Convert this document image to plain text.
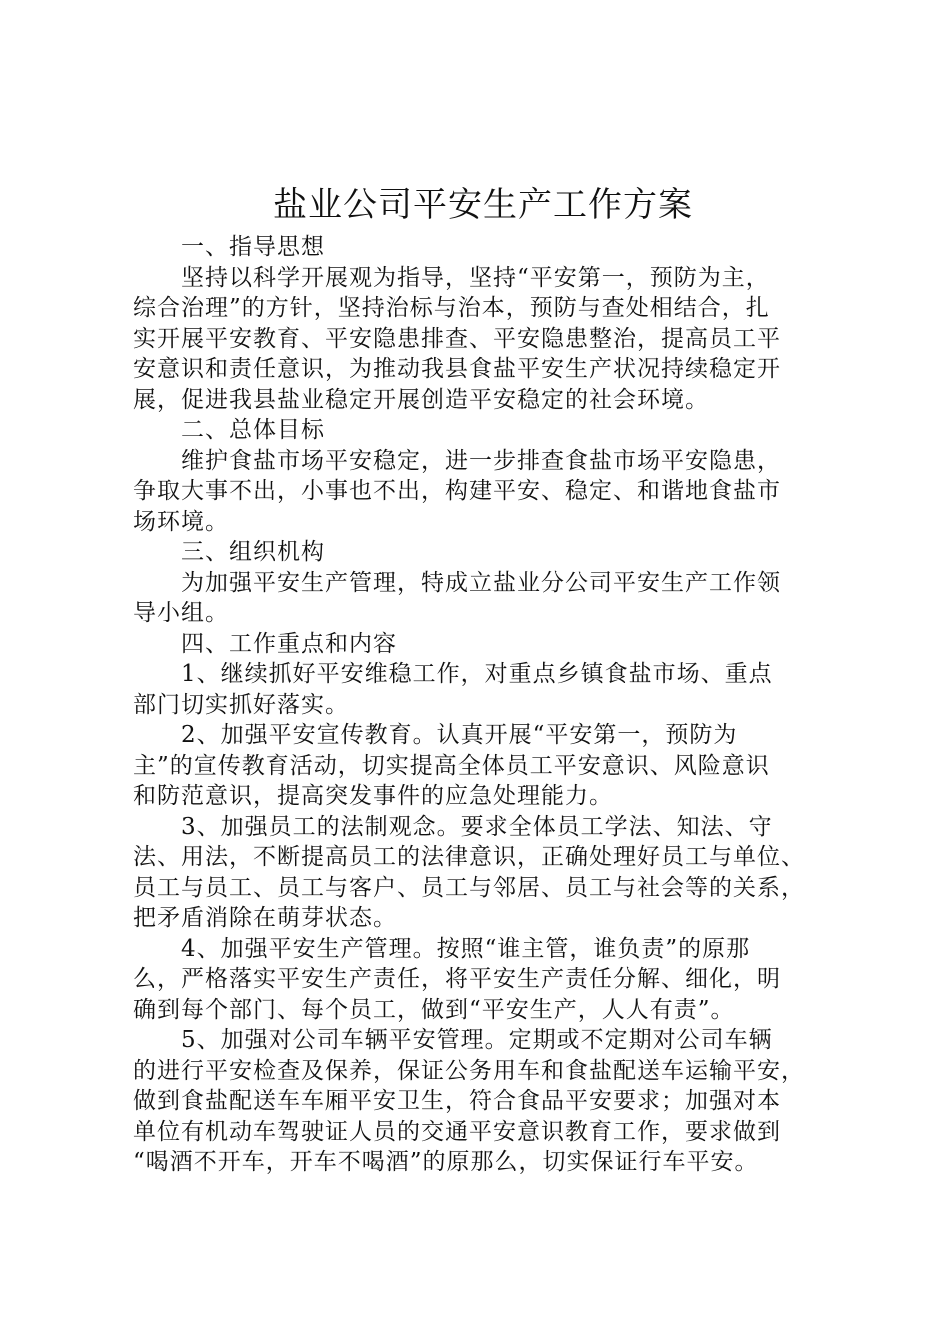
盐业公司平安生产工作方案

一、指导思想

坚持以科学开展观为指导，坚持“平安第一，预防为主，

综合治理”的方针，坚持治标与治本，预防与查处相结合，扎

实开展平安教育、平安隐患排查、平安隐患整治，提高员工平

安意识和责任意识，为推动我县食盐平安生产状况持续稳定开

展，促进我县盐业稳定开展创造平安稳定的社会环境。

二、总体目标

维护食盐市场平安稳定，进一步排查食盐市场平安隐患，

争取大事不出，小事也不出，构建平安、稳定、和谐地食盐市

场环境。

三、组织机构

为加强平安生产管理，特成立盐业分公司平安生产工作领

导小组。

四、工作重点和内容

1、继续抓好平安维稳工作，对重点乡镇食盐市场、重点

部门切实抓好落实。

2、加强平安宣传教育。认真开展“平安第一，预防为

主”的宣传教育活动，切实提高全体员工平安意识、风险意识

和防范意识，提高突发事件的应急处理能力。

3、加强员工的法制观念。要求全体员工学法、知法、守

法、用法，不断提高员工的法律意识，正确处理好员工与单位、

员工与员工、员工与客户、员工与邻居、员工与社会等的关系，

把矛盾消除在萌芽状态。

4、加强平安生产管理。按照“谁主管，谁负责”的原那

么，严格落实平安生产责任，将平安生产责任分解、细化，明

确到每个部门、每个员工，做到“平安生产，人人有责”。

5、加强对公司车辆平安管理。定期或不定期对公司车辆

的进行平安检查及保养，保证公务用车和食盐配送车运输平安，

做到食盐配送车车厢平安卫生，符合食品平安要求；加强对本

单位有机动车驾驶证人员的交通平安意识教育工作，要求做到

“喝酒不开车，开车不喝酒”的原那么，切实保证行车平安。
